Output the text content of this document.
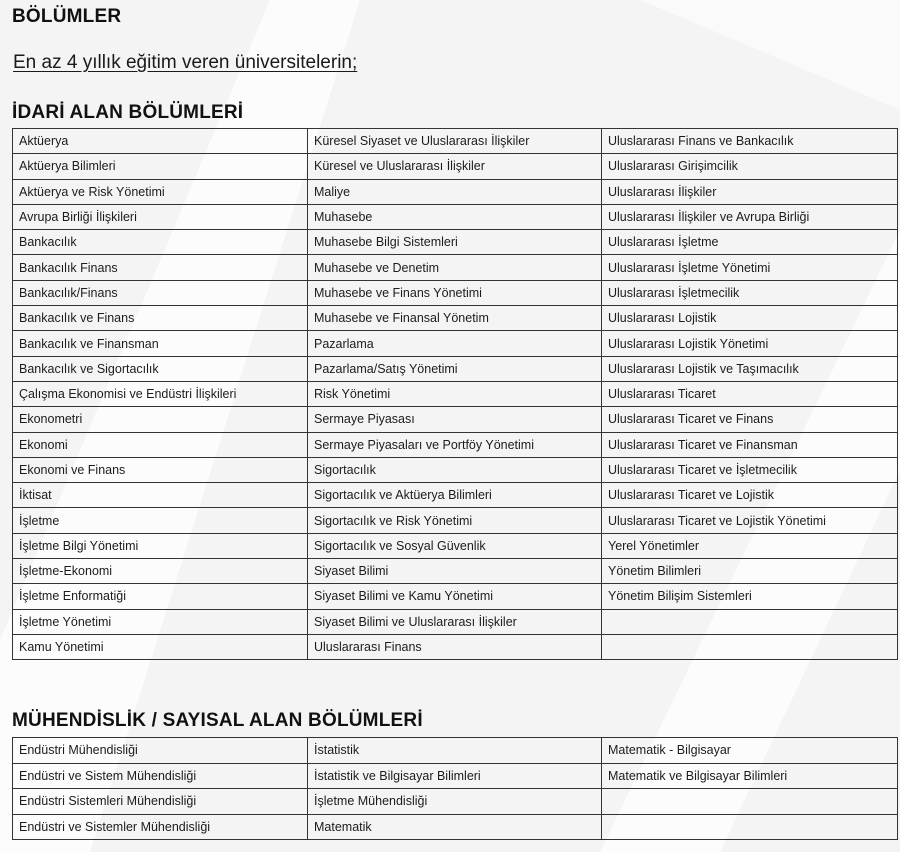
BÖLÜMLER

En az 4 yıllık eğitim veren üniversitelerin;

İDARİ ALAN BÖLÜMLERİ
Aktüerya	Küresel Siyaset ve Uluslararası İlişkiler	Uluslararası Finans ve Bankacılık
Aktüerya Bilimleri	Küresel ve Uluslararası İlişkiler	Uluslararası Girişimcilik
Aktüerya ve Risk Yönetimi	Maliye	Uluslararası İlişkiler
Avrupa Birliği İlişkileri	Muhasebe	Uluslararası İlişkiler ve Avrupa Birliği
Bankacılık	Muhasebe Bilgi Sistemleri	Uluslararası İşletme
Bankacılık Finans	Muhasebe ve Denetim	Uluslararası İşletme Yönetimi
Bankacılık/Finans	Muhasebe ve Finans Yönetimi	Uluslararası İşletmecilik
Bankacılık ve Finans	Muhasebe ve Finansal Yönetim	Uluslararası Lojistik
Bankacılık ve Finansman	Pazarlama	Uluslararası Lojistik Yönetimi
Bankacılık ve Sigortacılık	Pazarlama/Satış Yönetimi	Uluslararası Lojistik ve Taşımacılık
Çalışma Ekonomisi ve Endüstri İlişkileri	Risk Yönetimi	Uluslararası Ticaret
Ekonometri	Sermaye Piyasası	Uluslararası Ticaret ve Finans
Ekonomi	Sermaye Piyasaları ve Portföy Yönetimi	Uluslararası Ticaret ve Finansman
Ekonomi ve Finans	Sigortacılık	Uluslararası Ticaret ve İşletmecilik
İktisat	Sigortacılık ve Aktüerya Bilimleri	Uluslararası Ticaret ve Lojistik
İşletme	Sigortacılık ve Risk Yönetimi	Uluslararası Ticaret ve Lojistik Yönetimi
İşletme Bilgi Yönetimi	Sigortacılık ve Sosyal Güvenlik	Yerel Yönetimler
İşletme-Ekonomi	Siyaset Bilimi	Yönetim Bilimleri
İşletme Enformatiği	Siyaset Bilimi ve Kamu Yönetimi	Yönetim Bilişim Sistemleri
İşletme Yönetimi	Siyaset Bilimi ve Uluslararası İlişkiler	
Kamu Yönetimi	Uluslararası Finans	
MÜHENDİSLİK / SAYISAL ALAN BÖLÜMLERİ
Endüstri Mühendisliği	İstatistik	Matematik - Bilgisayar
Endüstri ve Sistem Mühendisliği	İstatistik ve Bilgisayar Bilimleri	Matematik ve Bilgisayar Bilimleri
Endüstri Sistemleri Mühendisliği	İşletme Mühendisliği	
Endüstri ve Sistemler Mühendisliği	Matematik	
